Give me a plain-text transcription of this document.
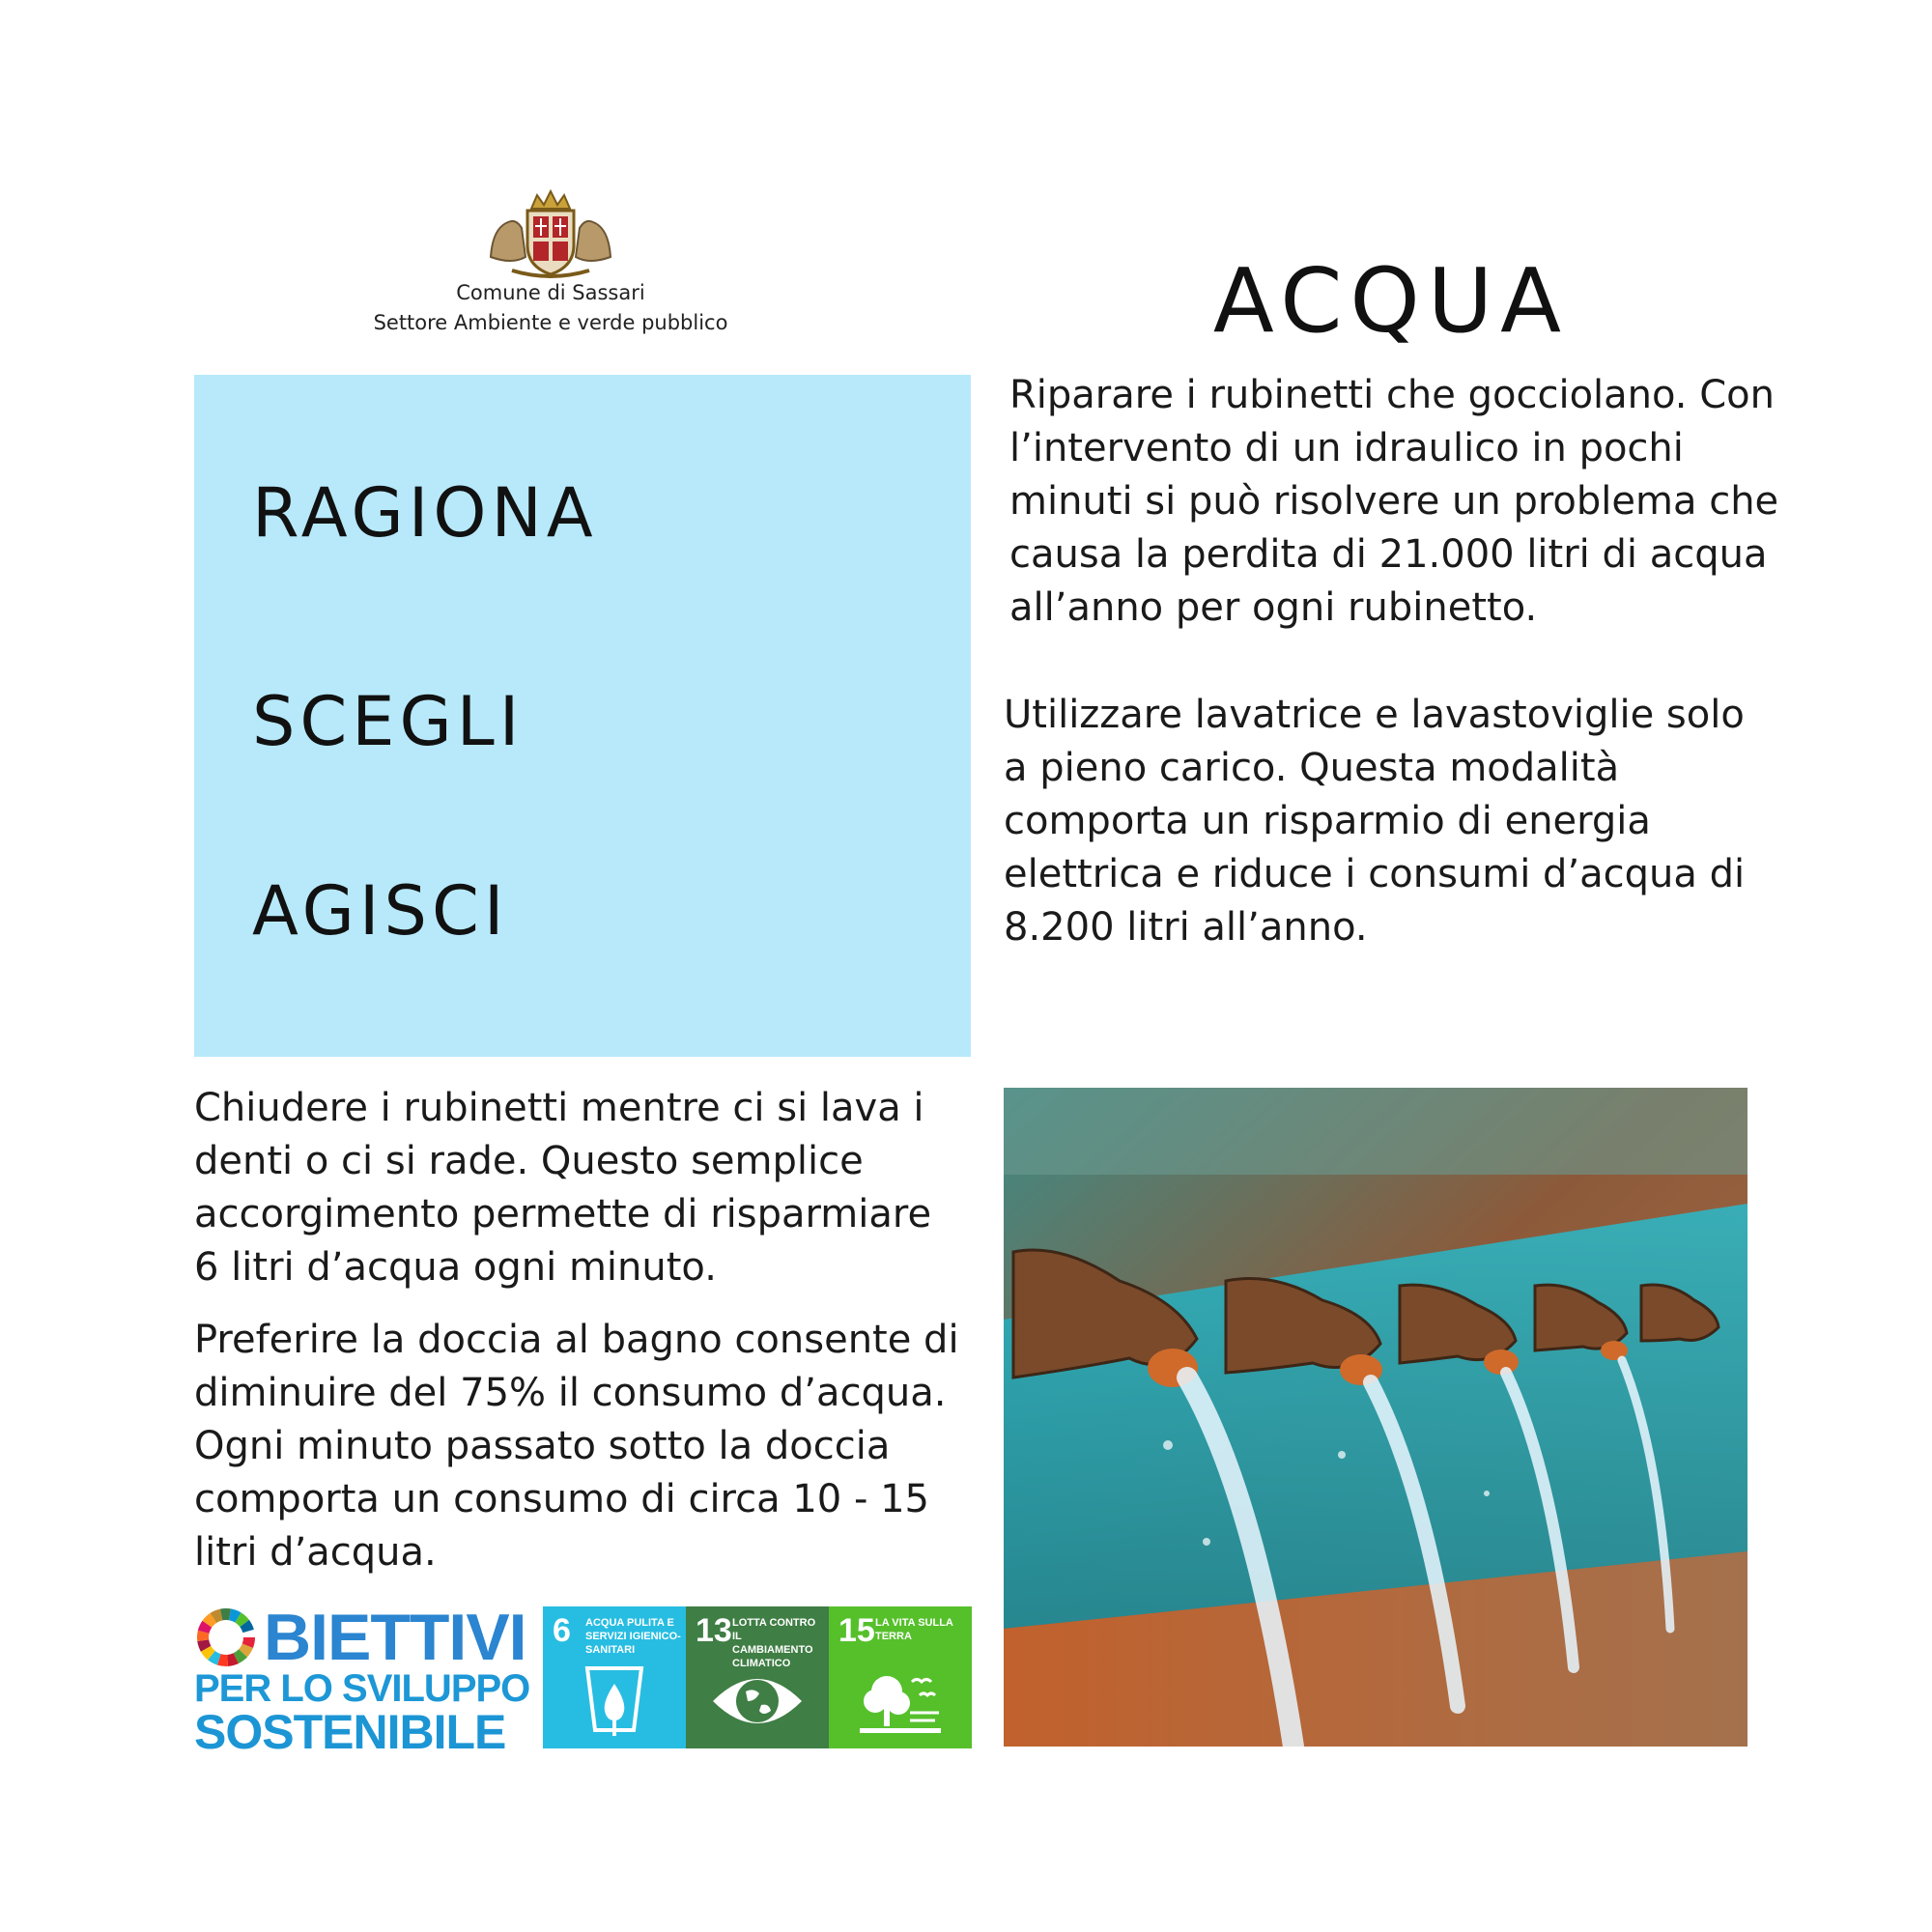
Comune di Sassari
Settore Ambiente e verde pubblico	ACQUA
RAGIONA
SCEGLI
AGISCI
Riparare i rubinetti che gocciolano. Con l’intervento di un idraulico in pochi minuti si può risolvere un problema che causa la perdita di 21.000 litri di acqua all’anno per ogni rubinetto.
Utilizzare lavatrice e lavastoviglie solo a pieno carico. Questa modalità comporta un risparmio di energia elettrica e riduce i consumi d’acqua di 8.200 litri all’anno.
Chiudere i rubinetti mentre ci si lava i denti o ci si rade. Questo semplice accorgimento permette di risparmiare 6 litri d’acqua ogni minuto.
Preferire la doccia al bagno consente di diminuire del 75% il consumo d’acqua. Ogni minuto passato sotto la doccia comporta un consumo di circa 10 - 15 litri d’acqua.
BIETTIVI
PER LO SVILUPPO
SOSTENIBILE
6 ACQUA PULITA E SERVIZI IGIENICO-SANITARI
13 LOTTA CONTRO IL CAMBIAMENTO CLIMATICO
15 LA VITA SULLA TERRA
